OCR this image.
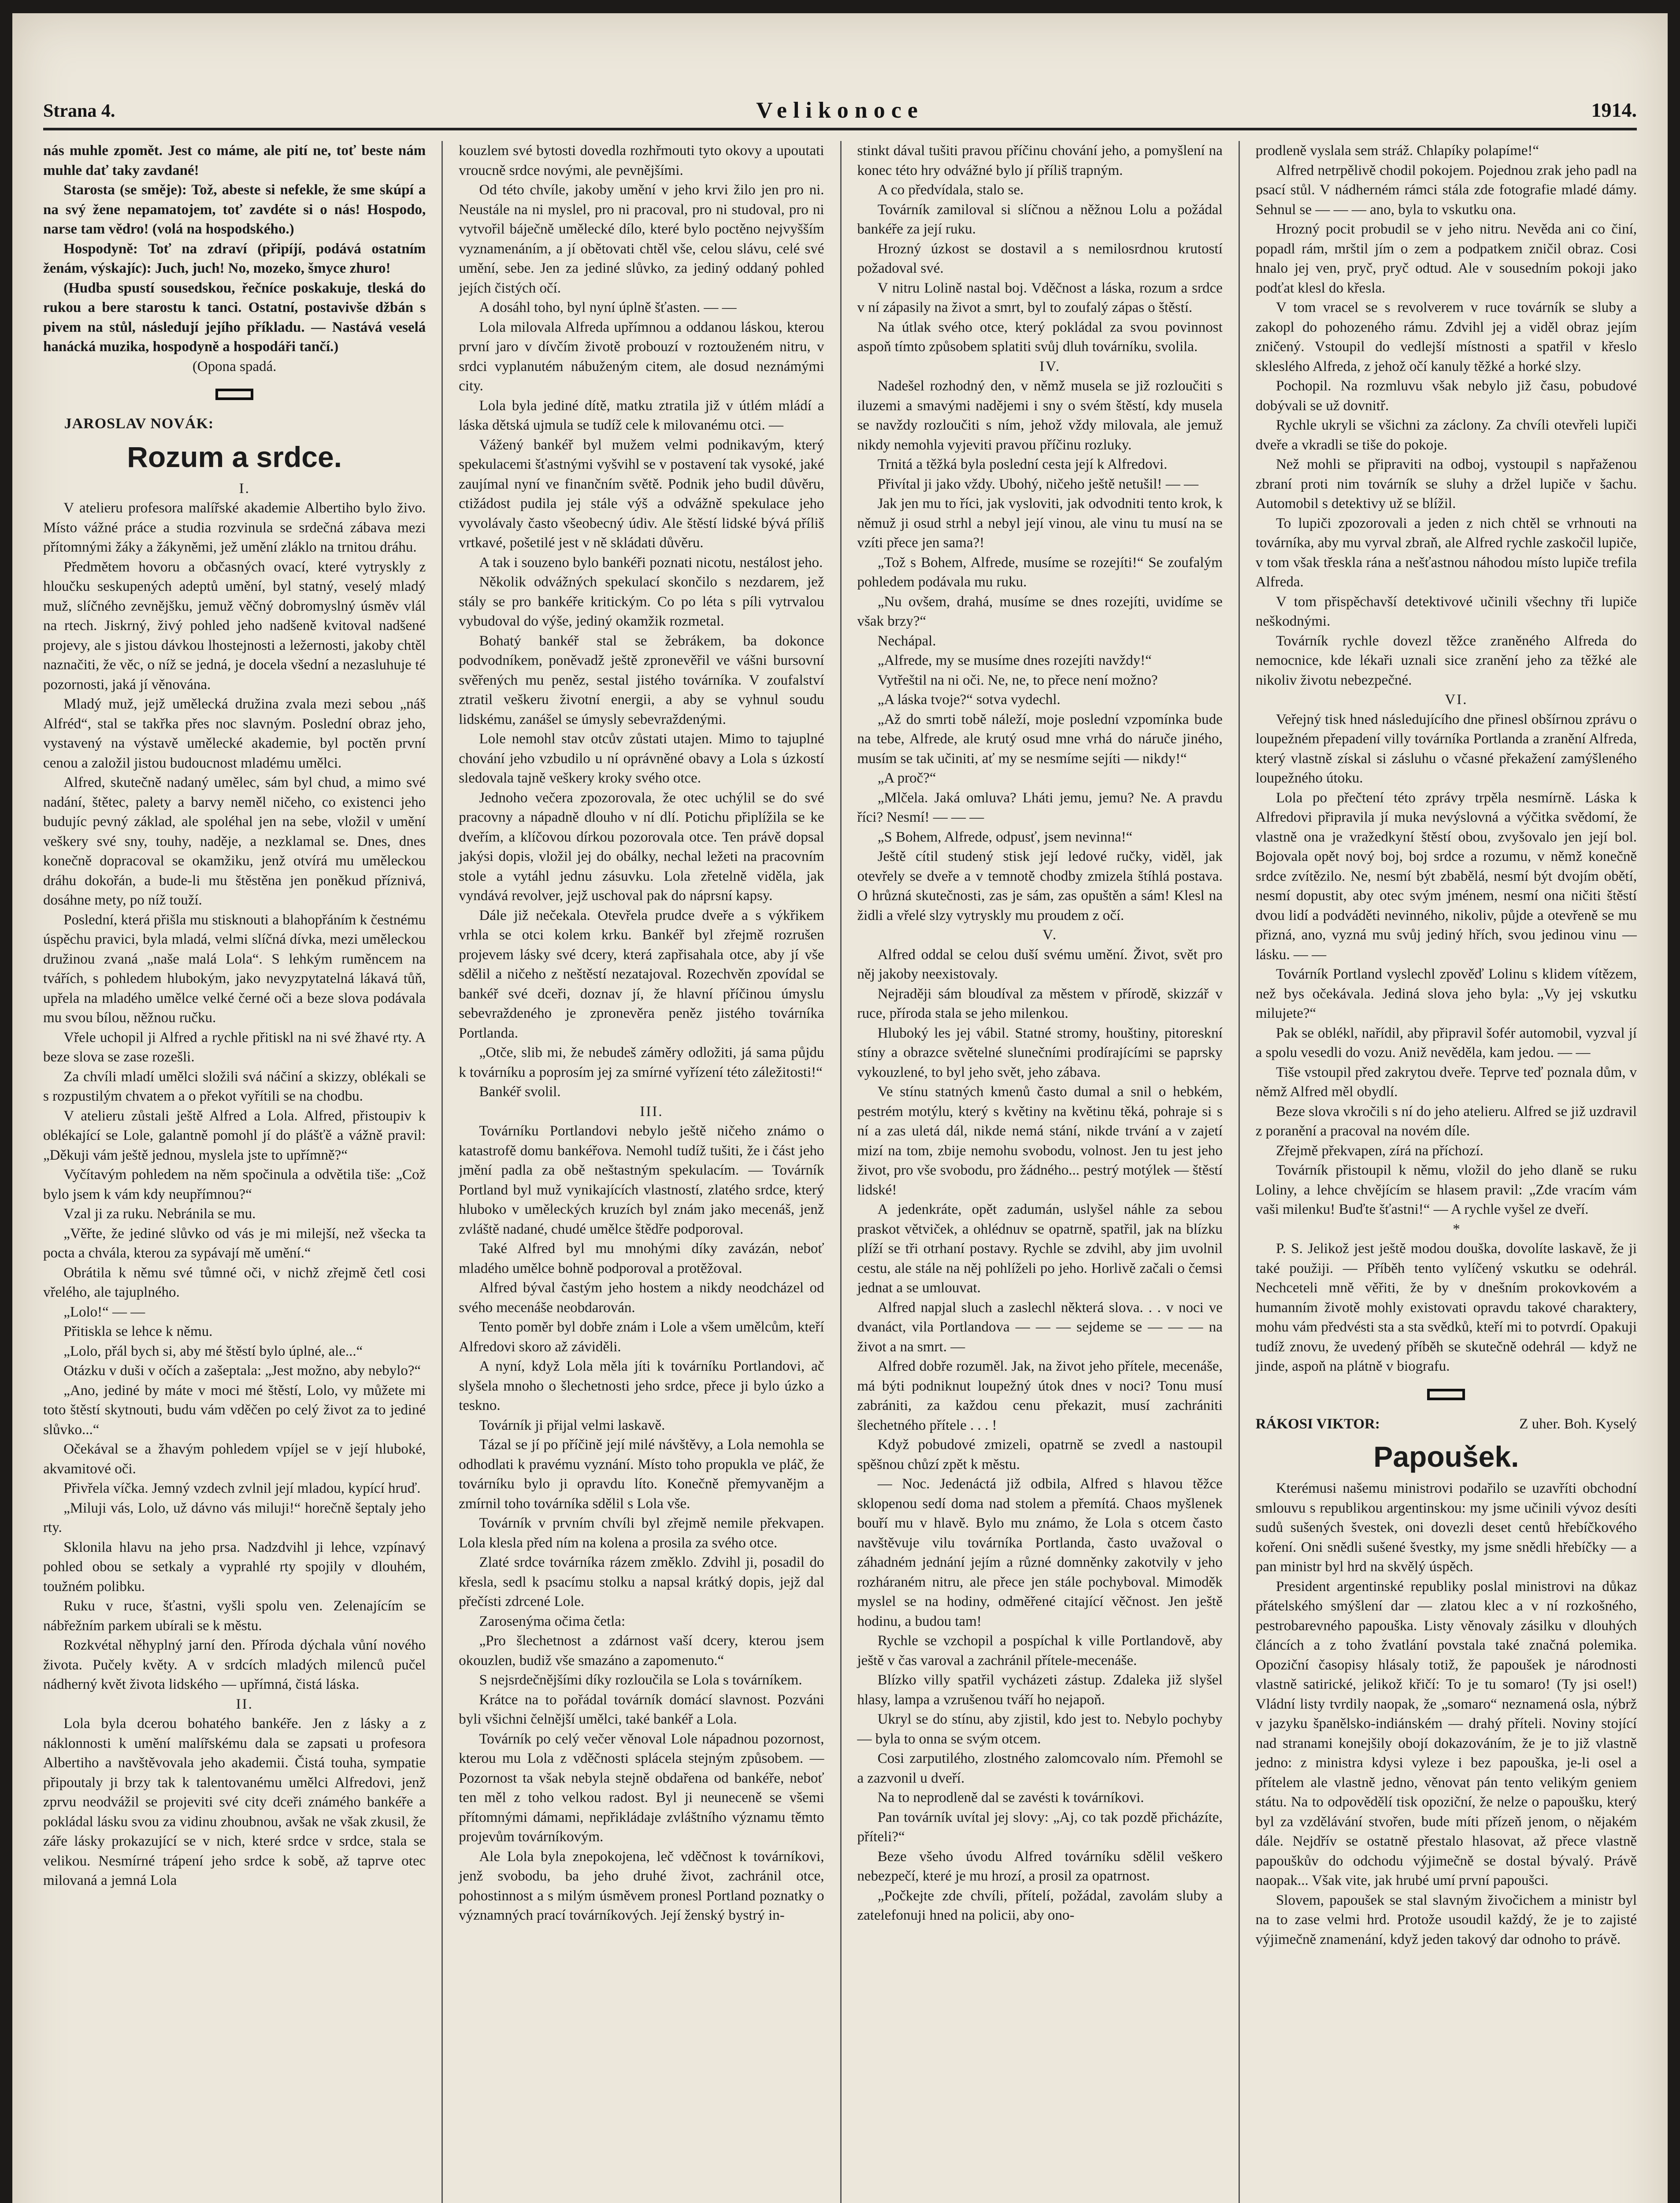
Strana 4.	Velikonoce	1914.

nás muhle zpomět. Jest co máme, ale pití ne, toť beste nám muhle dať taky zavdané!

Starosta (se směje): Tož, abeste si nefekle, že sme skúpí a na svý žene nepamatojem, toť zavdéte si o nás! Hospodo, narse tam vědro! (volá na hospodského.)

Hospodyně: Toť na zdraví (připíjí, podává ostatním ženám, výskajíc): Juch, juch! No, mozeko, šmyce zhuro!

(Hudba spustí sousedskou, řečníce poskakuje, tleská do rukou a bere starostu k tanci. Ostatní, postavivše džbán s pivem na stůl, následují jejího příkladu. — Nastává veselá hanácká muzika, hospodyně a hospodáři tančí.)

(Opona spadá.

JAROSLAV NOVÁK:

Rozum a srdce.

I.

V atelieru profesora malířské akademie Albertiho bylo živo. Místo vážné práce a studia rozvinula se srdečná zábava mezi přítomnými žáky a žákyněmi, jež umění zláklo na trnitou dráhu.

Předmětem hovoru a občasných ovací, které vytryskly z hloučku seskupených adeptů umění, byl statný, veselý mladý muž, slíčného zevnějšku, jemuž věčný dobromyslný úsměv vlál na rtech. Jiskrný, živý pohled jeho nadšeně kvitoval nadšené projevy, ale s jistou dávkou lhostejnosti a ležernosti, jakoby chtěl naznačiti, že věc, o níž se jedná, je docela všední a nezasluhuje té pozornosti, jaká jí věnována.

Mladý muž, jejž umělecká družina zvala mezi sebou „náš Alfréd“, stal se takřka přes noc slavným. Poslední obraz jeho, vystavený na výstavě umělecké akademie, byl poctěn první cenou a založil jistou budoucnost mladému umělci.

Alfred, skutečně nadaný umělec, sám byl chud, a mimo své nadání, štětec, palety a barvy neměl ničeho, co existenci jeho budujíc pevný základ, ale spoléhal jen na sebe, vložil v umění veškery své sny, touhy, naděje, a nezklamal se. Dnes, dnes konečně dopracoval se okamžiku, jenž otvírá mu uměleckou dráhu dokořán, a bude-li mu štěstěna jen poněkud příznivá, dosáhne mety, po níž touží.

Poslední, která přišla mu stisknouti a blahopřáním k čestnému úspěchu pravici, byla mladá, velmi slíčná dívka, mezi uměleckou družinou zvaná „naše malá Lola“. S lehkým ruměncem na tvářích, s pohledem hlubokým, jako nevyzpytatelná lákavá tůň, upřela na mladého umělce velké černé oči a beze slova podávala mu svou bílou, něžnou ručku.

Vřele uchopil ji Alfred a rychle přitiskl na ni své žhavé rty. A beze slova se zase rozešli.

Za chvíli mladí umělci složili svá náčiní a skizzy, oblékali se s rozpustilým chvatem a o překot vyřítili se na chodbu.

V atelieru zůstali ještě Alfred a Lola. Alfred, přistoupiv k oblékající se Lole, galantně pomohl jí do plášťě a vážně pravil: „Děkuji vám ještě jednou, myslela jste to upřímně?“

Vyčítavým pohledem na něm spočinula a odvětila tiše: „Což bylo jsem k vám kdy neupřímnou?“

Vzal ji za ruku. Nebránila se mu.

„Věřte, že jediné slůvko od vás je mi milejší, než všecka ta pocta a chvála, kterou za sypávají mě umění.“

Obrátila k němu své tůmné oči, v nichž zřejmě četl cosi vřelého, ale tajuplného.

„Lolo!“ — —

Přitiskla se lehce k němu.

„Lolo, přál bych si, aby mé štěstí bylo úplné, ale...“

Otázku v duši v očích a zašeptala: „Jest možno, aby nebylo?“

„Ano, jediné by máte v moci mé štěstí, Lolo, vy můžete mi toto štěstí skytnouti, budu vám vděčen po celý život za to jediné slůvko...“

Očekával se a žhavým pohledem vpíjel se v její hluboké, akvamitové oči.

Přivřela víčka. Jemný vzdech zvlnil její mladou, kypící hruď.

„Miluji vás, Lolo, už dávno vás miluji!“ horečně šeptaly jeho rty.

Sklonila hlavu na jeho prsa. Nadzdvihl ji lehce, vzpínavý pohled obou se setkaly a vyprahlé rty spojily v dlouhém, toužném polibku.

Ruku v ruce, šťastni, vyšli spolu ven. Zelenajícím se nábřežním parkem ubírali se k městu.

Rozkvétal něhyplný jarní den. Příroda dýchala vůní nového života. Pučely květy. A v srdcích mladých milenců pučel nádherný květ života lidského — upřímná, čistá láska.

II.

Lola byla dcerou bohatého bankéře. Jen z lásky a z náklonnosti k umění malířskému dala se zapsati u profesora Albertiho a navštěvovala jeho akademii. Čistá touha, sympatie připoutaly ji brzy tak k talentovanému umělci Alfredovi, jenž zprvu neodvážil se projeviti své city dceři známého bankéře a pokládal lásku svou za vidinu zhoubnou, avšak ne však zkusil, že záře lásky prokazující se v nich, které srdce v srdce, stala se velikou. Nesmírné trápení jeho srdce k sobě, až taprve otec milovaná a jemná Lola

kouzlem své bytosti dovedla rozhřmouti tyto okovy a upoutati vroucně srdce novými, ale pevnějšími.

Od této chvíle, jakoby umění v jeho krvi žilo jen pro ni. Neustále na ni myslel, pro ni pracoval, pro ni studoval, pro ni vytvořil báječně umělecké dílo, které bylo poctěno nejvyšším vyznamenáním, a jí obětovati chtěl vše, celou slávu, celé své umění, sebe. Jen za jediné slůvko, za jediný oddaný pohled jejích čistých očí.

A dosáhl toho, byl nyní úplně šťasten. — —

Lola milovala Alfreda upřímnou a oddanou láskou, kterou první jaro v dívčím životě probouzí v roztouženém nitru, v srdci vyplanutém nábuženým citem, ale dosud neznámými city.

Lola byla jediné dítě, matku ztratila již v útlém mládí a láska dětská ujmula se tudíž cele k milovanému otci. —

Vážený bankéř byl mužem velmi podnikavým, který spekulacemi šťastnými vyšvihl se v postavení tak vysoké, jaké zaujímal nyní ve finančním světě. Podnik jeho budil důvěru, ctižádost pudila jej stále výš a odvážně spekulace jeho vyvolávaly často všeobecný údiv. Ale štěstí lidské bývá příliš vrtkavé, pošetilé jest v ně skládati důvěru.

A tak i souzeno bylo bankéři poznati nicotu, nestálost jeho.

Několik odvážných spekulací skončilo s nezdarem, jež stály se pro bankéře kritickým. Co po léta s píli vytrvalou vybudoval do výše, jediný okamžik rozmetal.

Bohatý bankéř stal se žebrákem, ba dokonce podvodníkem, poněvadž ještě zpronevěřil ve vášni bursovní svěřených mu peněz, sestal jistého továrníka. V zoufalství ztratil veškeru životní energii, a aby se vyhnul soudu lidskému, zanášel se úmysly sebevraždenými.

Lole nemohl stav otcův zůstati utajen. Mimo to tajuplné chování jeho vzbudilo u ní oprávněné obavy a Lola s úzkostí sledovala tajně veškery kroky svého otce.

Jednoho večera zpozorovala, že otec uchýlil se do své pracovny a nápadně dlouho v ní dlí. Potichu připlížila se ke dveřím, a klíčovou dírkou pozorovala otce. Ten právě dopsal jakýsi dopis, vložil jej do obálky, nechal ležeti na pracovním stole a vytáhl jednu zásuvku. Lola zřetelně viděla, jak vyndává revolver, jejž uschoval pak do náprsní kapsy.

Dále již nečekala. Otevřela prudce dveře a s výkřikem vrhla se otci kolem krku. Bankéř byl zřejmě rozrušen projevem lásky své dcery, která zapřisahala otce, aby jí vše sdělil a ničeho z neštěstí nezatajoval. Rozechvěn zpovídal se bankéř své dceři, doznav jí, že hlavní příčinou úmyslu sebevraždeného je zpronevěra peněz jistého továrníka Portlanda.

„Otče, slib mi, že nebudeš záměry odložiti, já sama půjdu k továrníku a poprosím jej za smírné vyřízení této záležitosti!“

Bankéř svolil.

III.

Továrníku Portlandovi nebylo ještě ničeho známo o katastrofě domu bankéřova. Nemohl tudíž tušiti, že i část jeho jmění padla za obě neštastným spekulacím. — Továrník Portland byl muž vynikajících vlastností, zlatého srdce, který hluboko v uměleckých kruzích byl znám jako mecenáš, jenž zvláště nadané, chudé umělce štědře podporoval.

Také Alfred byl mu mnohými díky zavázán, neboť mladého umělce bohně podporoval a protěžoval.

Alfred býval častým jeho hostem a nikdy neodcházel od svého mecenáše neobdarován.

Tento poměr byl dobře znám i Lole a všem umělcům, kteří Alfredovi skoro až záviděli.

A nyní, když Lola měla jíti k továrníku Portlandovi, ač slyšela mnoho o šlechetnosti jeho srdce, přece ji bylo úzko a teskno.

Továrník ji přijal velmi laskavě.

Tázal se jí po příčině její milé návštěvy, a Lola nemohla se odhodlati k pravému vyznání. Místo toho propukla ve pláč, že továrníku bylo ji opravdu líto. Konečně přemyvanějm a zmírnil toho továrníka sdělil s Lola vše.

Továrník v prvním chvíli byl zřejmě nemile překvapen. Lola klesla před ním na kolena a prosila za svého otce.

Zlaté srdce továrníka rázem změklo. Zdvihl ji, posadil do křesla, sedl k psacímu stolku a napsal krátký dopis, jejž dal přečísti zdrcené Lole.

Zarosenýma očima četla:

„Pro šlechetnost a zdárnost vaší dcery, kterou jsem okouzlen, budiž vše smazáno a zapomenuto.“

S nejsrdečnějšími díky rozloučila se Lola s továrníkem.

Krátce na to pořádal továrník domácí slavnost. Pozváni byli všichni čelnější umělci, také bankéř a Lola.

Továrník po celý večer věnoval Lole nápadnou pozornost, kterou mu Lola z vděčnosti splácela stejným způsobem. — Pozornost ta však nebyla stejně obdařena od bankéře, neboť ten měl z toho velkou radost. Byl ji neuneceně se všemi přítomnými dámami, nepřikládaje zvláštního významu těmto projevům továrníkovým.

Ale Lola byla znepokojena, leč vděčnost k továrníkovi, jenž svobodu, ba jeho druhé život, zachránil otce, pohostinnost a s milým úsměvem pronesl Portland poznatky o významných prací továrníkových. Její ženský bystrý in-

stinkt dával tušiti pravou příčinu chování jeho, a pomyšlení na konec této hry odvážné bylo jí příliš trapným.

A co předvídala, stalo se.

Továrník zamiloval si slíčnou a něžnou Lolu a požádal bankéře za její ruku.

Hrozný úzkost se dostavil a s nemilosrdnou krutostí požadoval své.

V nitru Lolině nastal boj. Vděčnost a láska, rozum a srdce v ní zápasily na život a smrt, byl to zoufalý zápas o štěstí.

Na útlak svého otce, který pokládal za svou povinnost aspoň tímto způsobem splatiti svůj dluh továrníku, svolila.

IV.

Nadešel rozhodný den, v němž musela se již rozloučiti s iluzemi a smavými nadějemi i sny o svém štěstí, kdy musela se navždy rozloučiti s ním, jehož vždy milovala, ale jemuž nikdy nemohla vyjeviti pravou příčinu rozluky.

Trnitá a těžká byla poslední cesta její k Alfredovi.

Přivítal ji jako vždy. Ubohý, ničeho ještě netušil! — —

Jak jen mu to říci, jak vysloviti, jak odvodniti tento krok, k němuž ji osud strhl a nebyl její vinou, ale vinu tu musí na se vzíti přece jen sama?!

„Tož s Bohem, Alfrede, musíme se rozejíti!“ Se zoufalým pohledem podávala mu ruku.

„Nu ovšem, drahá, musíme se dnes rozejíti, uvidíme se však brzy?“

Nechápal.

„Alfrede, my se musíme dnes rozejíti navždy!“

Vytřeštil na ni oči. Ne, ne, to přece není možno?

„A láska tvoje?“ sotva vydechl.

„Až do smrti tobě náleží, moje poslední vzpomínka bude na tebe, Alfrede, ale krutý osud mne vrhá do náruče jiného, musím se tak učiniti, ať my se nesmíme sejíti — nikdy!“

„A proč?“

„Mlčela. Jaká omluva? Lháti jemu, jemu? Ne. A pravdu říci? Nesmí! — — —

„S Bohem, Alfrede, odpusť, jsem nevinna!“

Ještě cítil studený stisk její ledové ručky, viděl, jak otevřely se dveře a v temnotě chodby zmizela štíhlá postava. O hrůzná skutečnosti, zas je sám, zas opuštěn a sám! Klesl na židli a vřelé slzy vytryskly mu proudem z očí.

V.

Alfred oddal se celou duší svému umění. Život, svět pro něj jakoby neexistovaly.

Nejraději sám bloudíval za městem v přírodě, skizzář v ruce, příroda stala se jeho milenkou.

Hluboký les jej vábil. Statné stromy, houštiny, pitoreskní stíny a obrazce světelné slunečními prodírajícími se paprsky vykouzlené, to byl jeho svět, jeho zábava.

Ve stínu statných kmenů často dumal a snil o hebkém, pestrém motýlu, který s květiny na květinu těká, pohraje si s ní a zas uletá dál, nikde nemá stání, nikde trvání a v zajetí mizí na tom, zbije nemohu svobodu, volnost. Jen tu jest jeho život, pro vše svobodu, pro žádného... pestrý motýlek — štěstí lidské!

A jedenkráte, opět zadumán, uslyšel náhle za sebou praskot větviček, a ohlédnuv se opatrně, spatřil, jak na blízku plíží se tři otrhaní postavy. Rychle se zdvihl, aby jim uvolnil cestu, ale stále na něj pohlíželi po jeho. Horlivě začali o čemsi jednat a se umlouvat.

Alfred napjal sluch a zaslechl některá slova. . . v noci ve dvanáct, vila Portlandova — — — sejdeme se — — — na život a na smrt. —

Alfred dobře rozuměl. Jak, na život jeho přítele, mecenáše, má býti podniknut loupežný útok dnes v noci? Tonu musí zabrániti, za každou cenu překazit, musí zachrániti šlechetného přítele . . . !

Když pobudové zmizeli, opatrně se zvedl a nastoupil spěšnou chůzí zpět k městu.

— Noc. Jedenáctá již odbila, Alfred s hlavou těžce sklopenou sedí doma nad stolem a přemítá. Chaos myšlenek bouří mu v hlavě. Bylo mu známo, že Lola s otcem často navštěvuje vilu továrníka Portlanda, často uvažoval o záhadném jednání jejím a různé domněnky zakotvily v jeho rozháraném nitru, ale přece jen stále pochyboval. Mimoděk myslel se na hodiny, odměřené citající věčnost. Jen ještě hodinu, a budou tam!

Rychle se vzchopil a pospíchal k ville Portlandově, aby ještě v čas varoval a zachránil přítele-mecenáše.

Blízko villy spatřil vycházeti zástup. Zdaleka již slyšel hlasy, lampa a vzrušenou tváří ho nejapoň.

Ukryl se do stínu, aby zjistil, kdo jest to. Nebylo pochyby — byla to onna se svým otcem.

Cosi zarputilého, zlostného zalomcovalo ním. Přemohl se a zazvonil u dveří.

Na to neprodleně dal se zavésti k továrníkovi.

Pan továrník uvítal jej slovy: „Aj, co tak pozdě přicházíte, příteli?“

Beze všeho úvodu Alfred továrníku sdělil veškero nebezpečí, které je mu hrozí, a prosil za opatrnost.

„Počkejte zde chvíli, přítelí, požádal, zavolám sluby a zatelefonuji hned na policii, aby ono-

prodleně vyslala sem stráž. Chlapíky polapíme!“

Alfred netrpělivě chodil pokojem. Pojednou zrak jeho padl na psací stůl. V nádherném rámci stála zde fotografie mladé dámy. Sehnul se — — — ano, byla to vskutku ona.

Hrozný pocit probudil se v jeho nitru. Nevěda ani co činí, popadl rám, mrštil jím o zem a podpatkem zničil obraz. Cosi hnalo jej ven, pryč, pryč odtud. Ale v sousedním pokoji jako podťat klesl do křesla.

V tom vracel se s revolverem v ruce továrník se sluby a zakopl do pohozeného rámu. Zdvihl jej a viděl obraz jejím zničený. Vstoupil do vedlejší místnosti a spatřil v křeslo skleslého Alfreda, z jehož očí kanuly těžké a horké slzy.

Pochopil. Na rozmluvu však nebylo již času, pobudové dobývali se už dovnitř.

Rychle ukryli se všichni za záclony. Za chvíli otevřeli lupiči dveře a vkradli se tiše do pokoje.

Než mohli se připraviti na odboj, vystoupil s napřaženou zbraní proti nim továrník se sluhy a držel lupiče v šachu. Automobil s detektivy už se blížil.

To lupiči zpozorovali a jeden z nich chtěl se vrhnouti na továrníka, aby mu vyrval zbraň, ale Alfred rychle zaskočil lupiče, v tom však třeskla rána a nešťastnou náhodou místo lupiče trefila Alfreda.

V tom přispěchavší detektivové učinili všechny tři lupiče neškodnými.

Továrník rychle dovezl těžce zraněného Alfreda do nemocnice, kde lékaři uznali sice zranění jeho za těžké ale nikoliv životu nebezpečné.

VI.

Veřejný tisk hned následujícího dne přinesl obšírnou zprávu o loupežném přepadení villy továrníka Portlanda a zranění Alfreda, který vlastně získal si zásluhu o včasné překažení zamýšleného loupežného útoku.

Lola po přečtení této zprávy trpěla nesmírně. Láska k Alfredovi připravila jí muka nevýslovná a výčitka svědomí, že vlastně ona je vražedkyní štěstí obou, zvyšovalo jen její bol. Bojovala opět nový boj, boj srdce a rozumu, v němž konečně srdce zvítězilo. Ne, nesmí být zbabělá, nesmí být dvojím obětí, nesmí dopustit, aby otec svým jménem, nesmí ona ničiti štěstí dvou lidí a podváděti nevinného, nikoliv, půjde a otevřeně se mu přizná, ano, vyzná mu svůj jediný hřích, svou jedinou vinu — lásku. — —

Továrník Portland vyslechl zpověď Lolinu s klidem vítězem, než bys očekávala. Jediná slova jeho byla: „Vy jej vskutku milujete?“

Pak se oblékl, nařídil, aby připravil šofér automobil, vyzval jí a spolu vesedli do vozu. Aniž nevěděla, kam jedou. — —

Tiše vstoupil před zakrytou dveře. Teprve teď poznala dům, v němž Alfred měl obydlí.

Beze slova vkročili s ní do jeho atelieru. Alfred se již uzdravil z poranění a pracoval na novém díle.

Zřejmě překvapen, zírá na příchozí.

Továrník přistoupil k němu, vložil do jeho dlaně se ruku Loliny, a lehce chvějícím se hlasem pravil: „Zde vracím vám vaši milenku! Buďte šťastni!“ — A rychle vyšel ze dveří.

*

P. S. Jelikož jest ještě modou douška, dovolíte laskavě, že ji také použiji. — Příběh tento vylíčený vskutku se odehrál. Nechceteli mně věřiti, že by v dnešním prokovkovém a humanním životě mohly existovati opravdu takové charaktery, mohu vám předvésti sta a sta svědků, kteří mi to potvrdí. Opakuji tudíž znovu, že uvedený příběh se skutečně odehrál — když ne jinde, aspoň na plátně v biografu.

RÁKOSI VIKTOR:	Z uher. Boh. Kyselý
Papoušek.

Kterémusi našemu ministrovi podařilo se uzavříti obchodní smlouvu s republikou argentinskou: my jsme učinili vývoz desíti sudů sušených švestek, oni dovezli deset centů hřebíčkového koření. Oni snědli sušené švestky, my jsme snědli hřebíčky — a pan ministr byl hrd na skvělý úspěch.

President argentinské republiky poslal ministrovi na důkaz přátelského smýšlení dar — zlatou klec a v ní rozkošného, pestrobarevného papouška. Listy věnovaly zásilku v dlouhých článcích a z toho žvatlání povstala také značná polemika. Opoziční časopisy hlásaly totiž, že papoušek je národnosti vlastně satirické, jelikož křičí: To je tu somaro! (Ty jsi osel!) Vládní listy tvrdily naopak, že „somaro“ neznamená osla, nýbrž v jazyku španělsko-indiánském — drahý příteli. Noviny stojící nad stranami konejšily obojí dokazováním, že je to již vlastně jedno: z ministra kdysi vyleze i bez papouška, je-li osel a přítelem ale vlastně jedno, věnovat pán tento velikým geniem státu. Na to odpovědělí tisk opoziční, že nelze o papoušku, který byl za vzdělávání stvořen, bude míti přízeň jenom, o nějakém dále. Nejdřív se ostatně přestalo hlasovat, až přece vlastně papouškův do odchodu výjimečně se dostal bývalý. Právě naopak... Však vite, jak hrubé umí první papoušci.

Slovem, papoušek se stal slavným živočichem a ministr byl na to zase velmi hrd. Protože usoudil každý, že je to zajisté výjimečně znamenání, když jeden takový dar odnoho to právě.
